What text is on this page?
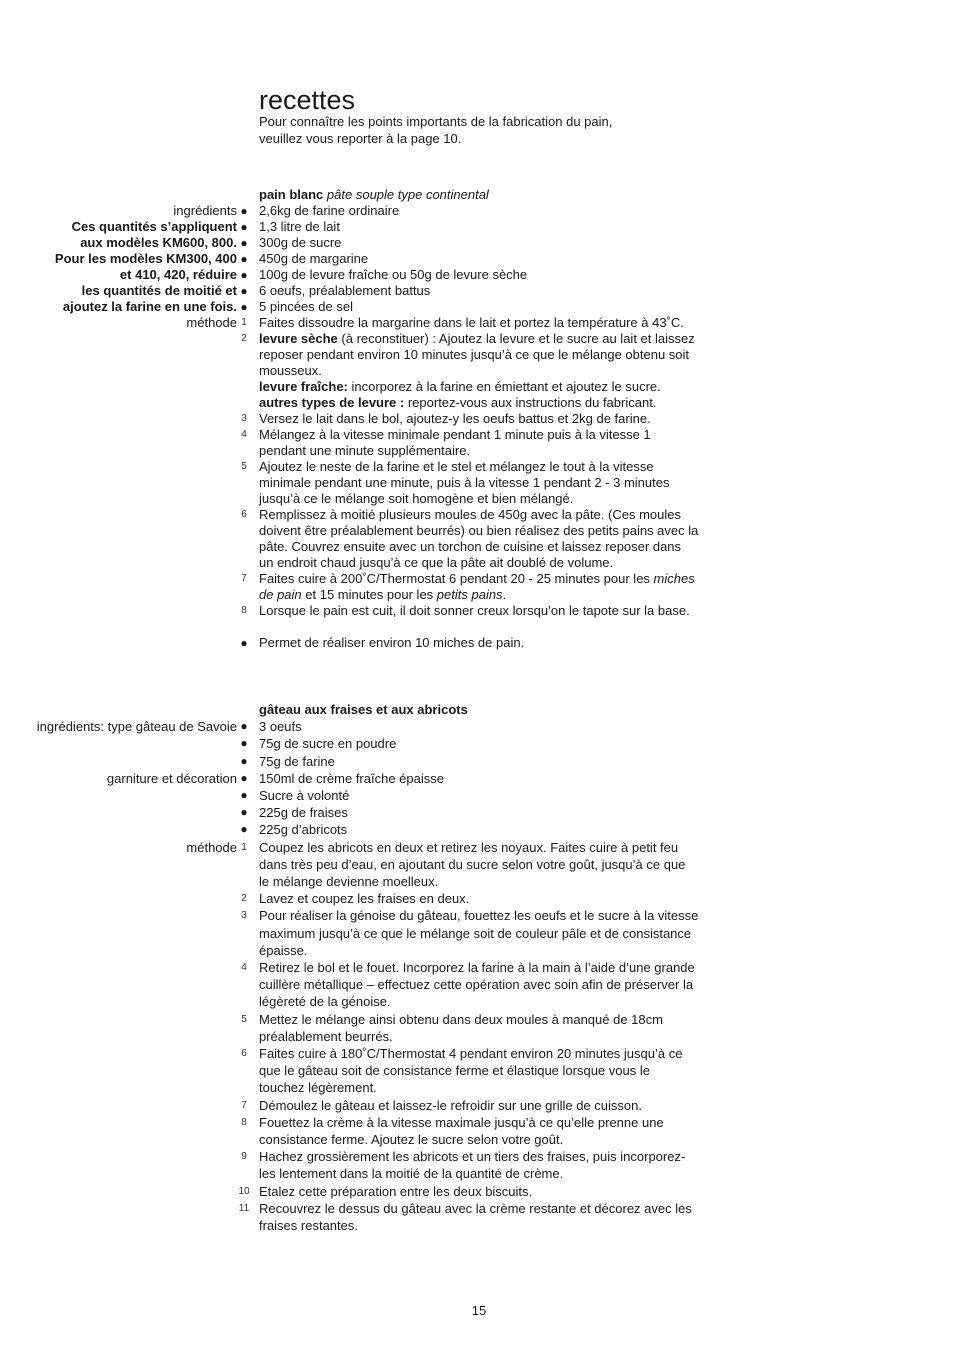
recettes
Pour connaître les points importants de la fabrication du pain,
veuillez vous reporter à la page 10.
pain blanc pâte souple type continental
ingrédients ● 2,6kg de farine ordinaire
Ces quantités s’appliquent ● 1,3 litre de lait
aux modèles KM600, 800. ● 300g de sucre
Pour les modèles KM300, 400 ● 450g de margarine
et 410, 420, réduire ● 100g de levure fraîche ou 50g de levure sèche
les quantités de moitié et ● 6 oeufs, préalablement battus
ajoutez la farine en une fois. ● 5 pincées de sel
méthode 1 Faites dissoudre la margarine dans le lait et portez la température à 43˚C.
2 levure sèche (à reconstituer) : Ajoutez la levure et le sucre au lait et laissez reposer pendant environ 10 minutes jusqu’à ce que le mélange obtenu soit mousseux.
levure fraîche: incorporez à la farine en émiettant et ajoutez le sucre.
autres types de levure : reportez-vous aux instructions du fabricant.
3 Versez le lait dans le bol, ajoutez-y les oeufs battus et 2kg de farine.
4 Mélangez à la vitesse minimale pendant 1 minute puis à la vitesse 1 pendant une minute supplémentaire.
5 Ajoutez le neste de la farine et le stel et mélangez le tout à la vitesse minimale pendant une minute, puis à la vitesse 1 pendant 2 - 3 minutes jusqu’à ce le mélange soit homogène et bien mélangé.
6 Remplissez à moitié plusieurs moules de 450g avec la pâte. (Ces moules doivent être préalablement beurrés) ou bien réalisez des petits pains avec la pâte. Couvrez ensuite avec un torchon de cuisine et laissez reposer dans un endroit chaud jusqu’à ce que la pâte ait doublé de volume.
7 Faites cuire à 200˚C/Thermostat 6 pendant 20 - 25 minutes pour les miches de pain et 15 minutes pour les petits pains.
8 Lorsque le pain est cuit, il doit sonner creux lorsqu’on le tapote sur la base.
● Permet de réaliser environ 10 miches de pain.
gâteau aux fraises et aux abricots
ingrédients: type gâteau de Savoie ● 3 oeufs
● 75g de sucre en poudre
● 75g de farine
garniture et décoration ● 150ml de crème fraîche épaisse
● Sucre à volonté
● 225g de fraises
● 225g d’abricots
méthode 1 Coupez les abricots en deux et retirez les noyaux. Faites cuire à petit feu dans très peu d’eau, en ajoutant du sucre selon votre goût, jusqu’à ce que le mélange devienne moelleux.
2 Lavez et coupez les fraises en deux.
3 Pour réaliser la génoise du gâteau, fouettez les oeufs et le sucre à la vitesse maximum jusqu’à ce que le mélange soit de couleur pâle et de consistance épaisse.
4 Retirez le bol et le fouet. Incorporez la farine à la main à l’aide d’une grande cuillère métallique – effectuez cette opération avec soin afin de préserver la légèreté de la génoise.
5 Mettez le mélange ainsi obtenu dans deux moules à manqué de 18cm préalablement beurrés.
6 Faites cuire à 180˚C/Thermostat 4 pendant environ 20 minutes jusqu’à ce que le gâteau soit de consistance ferme et élastique lorsque vous le touchez légèrement.
7 Démoulez le gâteau et laissez-le refroidir sur une grille de cuisson.
8 Fouettez la crème à la vitesse maximale jusqu’à ce qu’elle prenne une consistance ferme. Ajoutez le sucre selon votre goût.
9 Hachez grossièrement les abricots et un tiers des fraises, puis incorporez-les lentement dans la moitié de la quantité de crème.
10 Etalez cette préparation entre les deux biscuits.
11 Recouvrez le dessus du gâteau avec la crème restante et décorez avec les fraises restantes.
15
